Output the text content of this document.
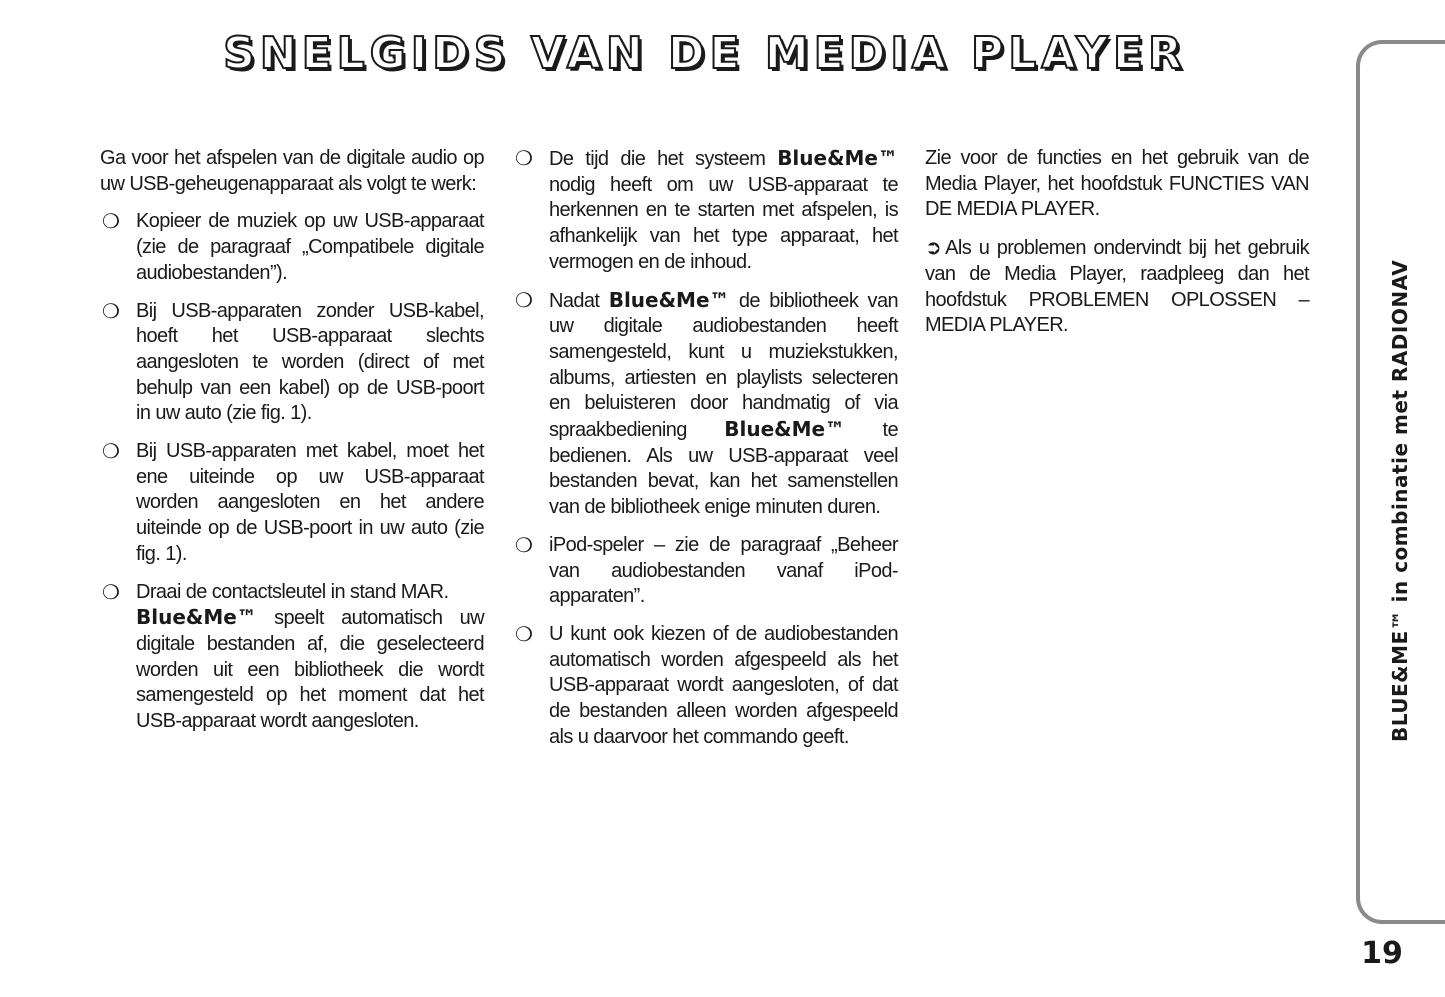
SNELGIDS VAN DE MEDIA PLAYER

Ga voor het afspelen van de digitale audio op uw USB-geheugenapparaat als volgt te werk:

❍ Kopieer de muziek op uw USB-apparaat (zie de paragraaf „Compatibele digitale audiobestanden”).
❍ Bij USB-apparaten zonder USB-kabel, hoeft het USB-apparaat slechts aangesloten te worden (direct of met behulp van een kabel) op de USB-poort in uw auto (zie fig. 1).
❍ Bij USB-apparaten met kabel, moet het ene uiteinde op uw USB-apparaat worden aangesloten en het andere uiteinde op de USB-poort in uw auto (zie fig. 1).
❍ Draai de contactsleutel in stand MAR.
Blue&Me™ speelt automatisch uw digitale bestanden af, die geselecteerd worden uit een bibliotheek die wordt samengesteld op het moment dat het USB-apparaat wordt aangesloten.
❍ De tijd die het systeem Blue&Me™ nodig heeft om uw USB-apparaat te herkennen en te starten met afspelen, is afhankelijk van het type apparaat, het vermogen en de inhoud.
❍ Nadat Blue&Me™ de bibliotheek van uw digitale audiobestanden heeft samengesteld, kunt u muziekstukken, albums, artiesten en playlists selecteren en beluisteren door handmatig of via spraakbediening Blue&Me™ te bedienen. Als uw USB-apparaat veel bestanden bevat, kan het samenstellen van de bibliotheek enige minuten duren.
❍ iPod-speler – zie de paragraaf „Beheer van audiobestanden vanaf iPod-apparaten”.
❍ U kunt ook kiezen of de audiobestanden automatisch worden afgespeeld als het USB-apparaat wordt aangesloten, of dat de bestanden alleen worden afgespeeld als u daarvoor het commando geeft.

Zie voor de functies en het gebruik van de Media Player, het hoofdstuk FUNCTIES VAN DE MEDIA PLAYER.

➲ Als u problemen ondervindt bij het gebruik van de Media Player, raadpleeg dan het hoofdstuk PROBLEMEN OPLOSSEN – MEDIA PLAYER.	BLUE&ME™ in combinatie met RADIONAV
19
